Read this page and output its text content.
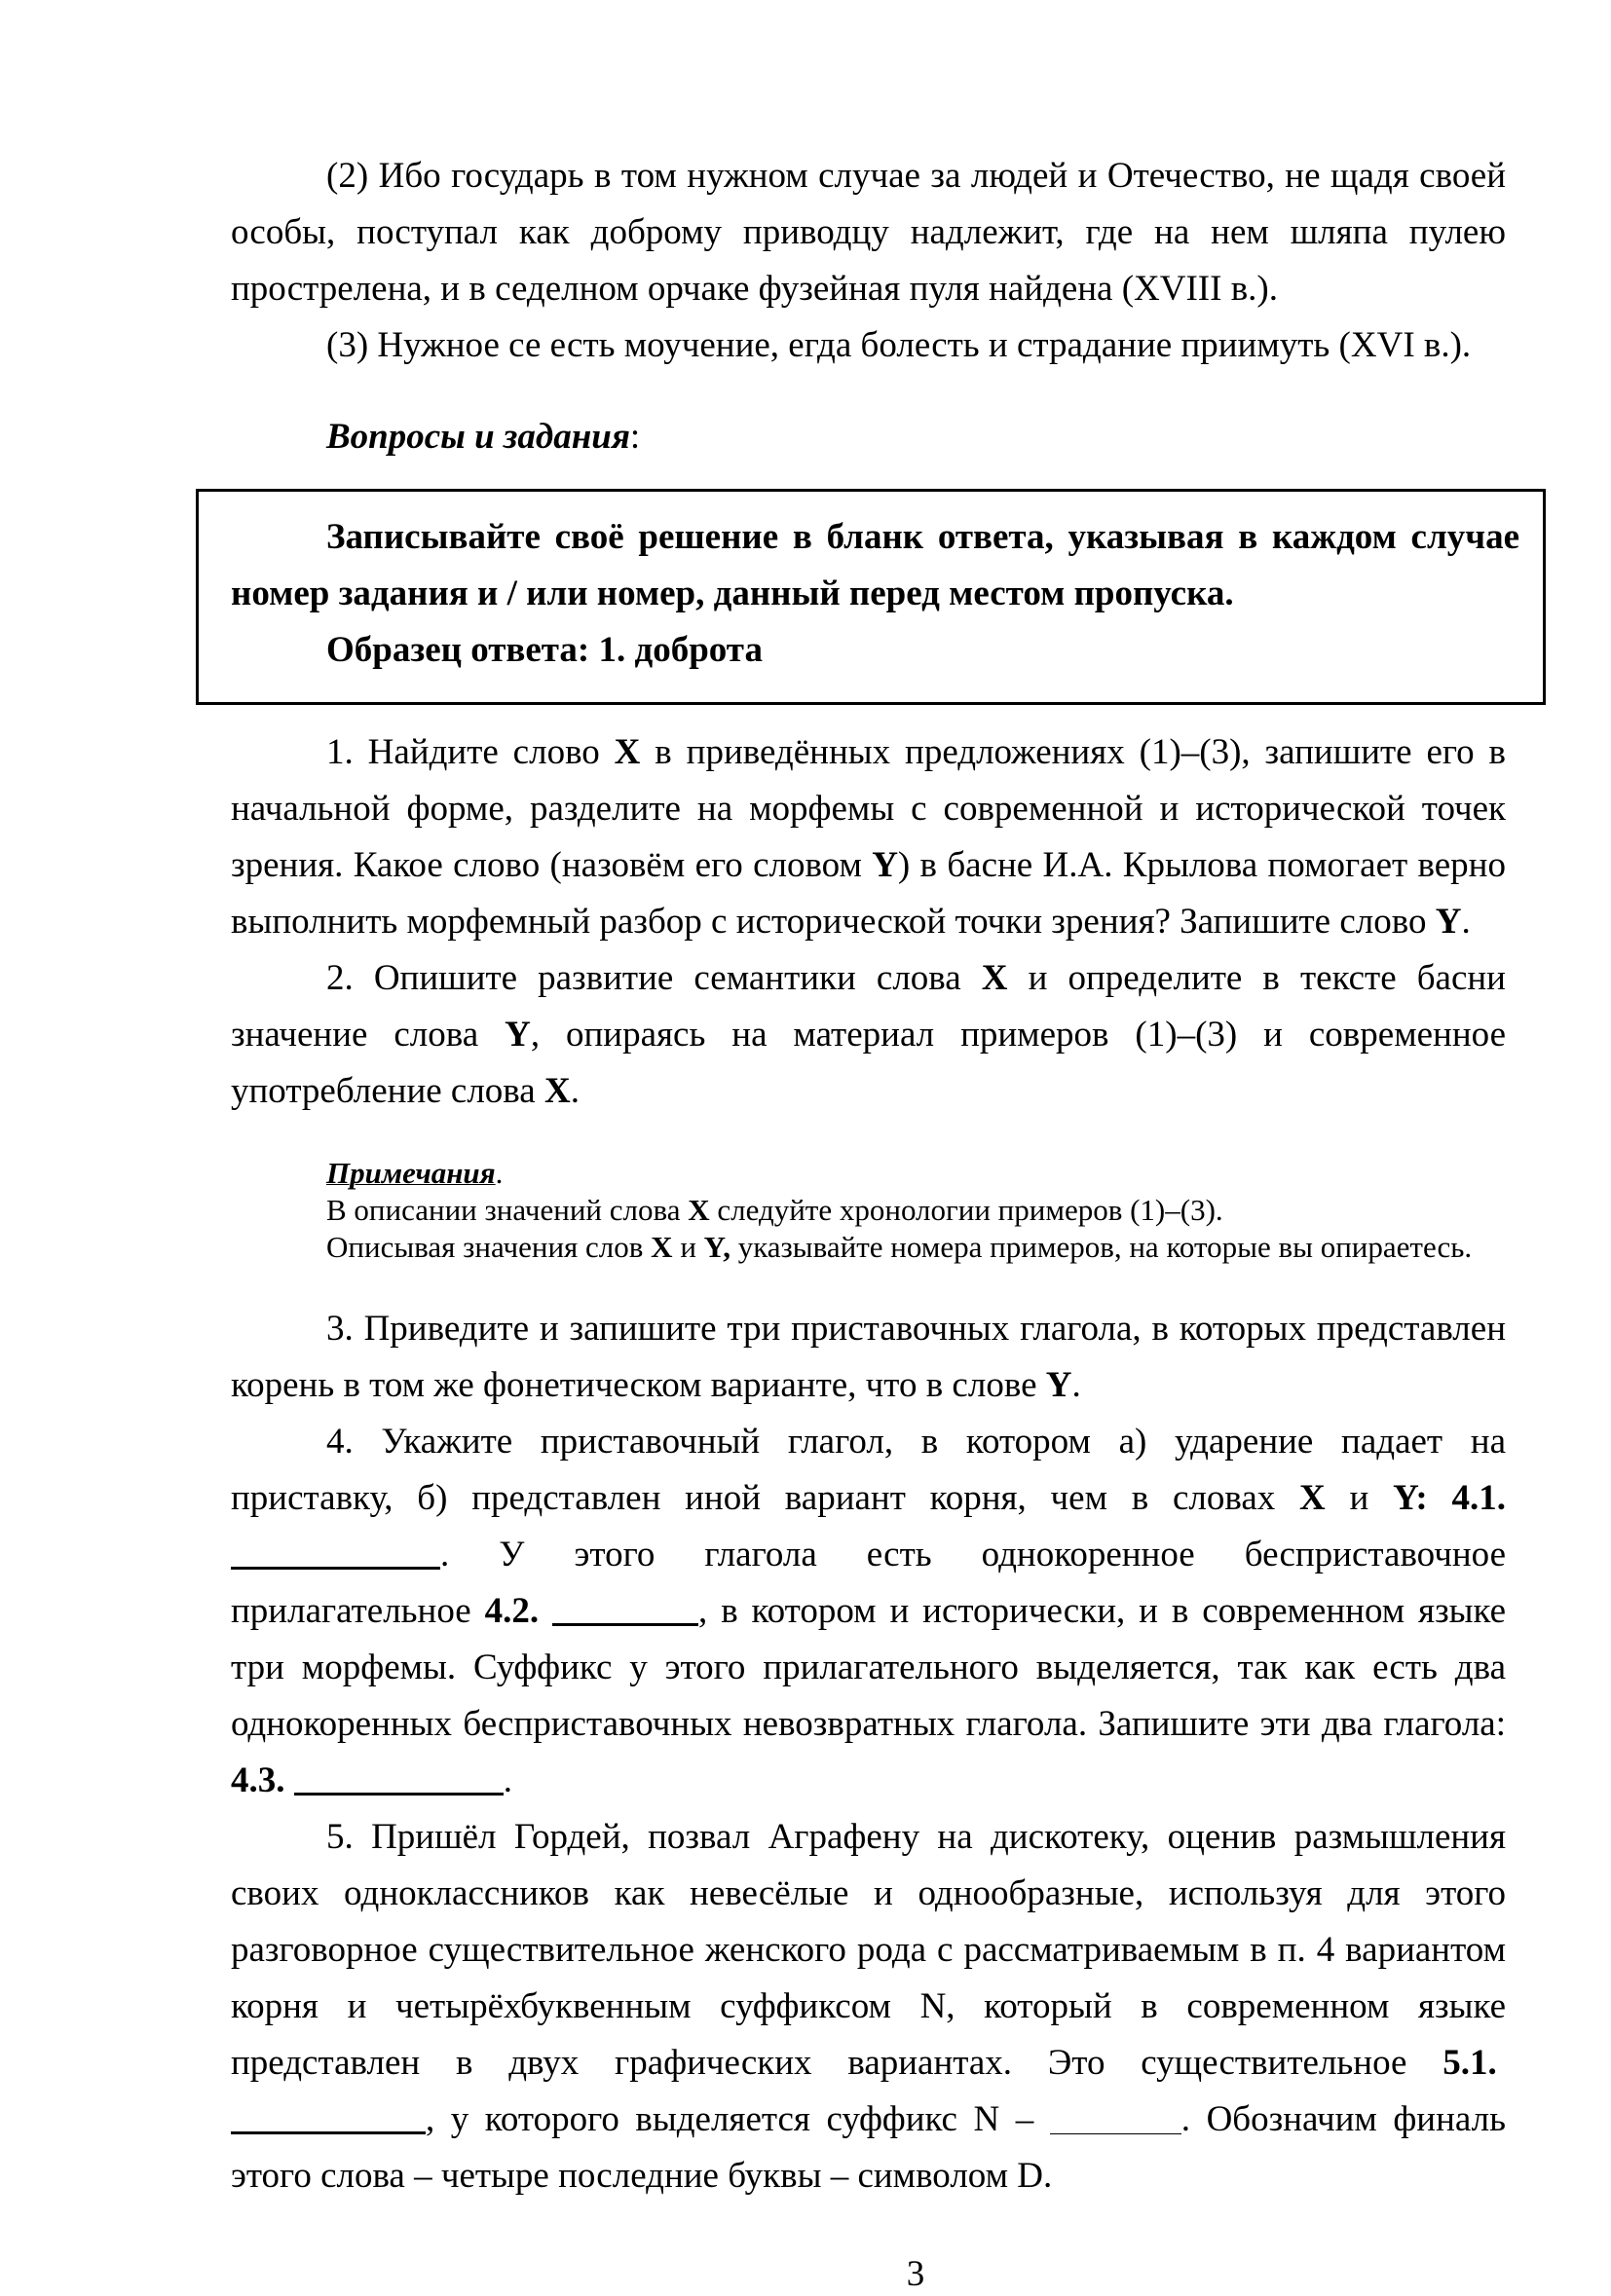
(2) Ибо государь в том нужном случае за людей и Отечество, не щадя своей особы, поступал как доброму приводцу надлежит, где на нем шляпа пулею прострелена, и в седелном орчаке фузейная пуля найдена (XVIII в.).

(3) Нужное се есть моучение, егда болесть и страдание приимуть (XVI в.).

Вопросы и задания:

Записывайте своё решение в бланк ответа, указывая в каждом случае номер задания и / или номер, данный перед местом пропуска.

Образец ответа: 1. доброта

1. Найдите слово X в приведённых предложениях (1)–(3), запишите его в начальной форме, разделите на морфемы с современной и исторической точек зрения. Какое слово (назовём его словом Y) в басне И.А. Крылова помогает верно выполнить морфемный разбор с исторической точки зрения? Запишите слово Y.

2. Опишите развитие семантики слова X и определите в тексте басни значение слова Y, опираясь на материал примеров (1)–(3) и современное употребление слова X.

Примечания.
В описании значений слова X следуйте хронологии примеров (1)–(3).
Описывая значения слов X и Y, указывайте номера примеров, на которые вы опираетесь.

3. Приведите и запишите три приставочных глагола, в которых представлен корень в том же фонетическом варианте, что в слове Y.

4. Укажите приставочный глагол, в котором а) ударение падает на приставку, б) представлен иной вариант корня, чем в словах X и Y: 4.1. . У этого глагола есть однокоренное бесприставочное прилагательное 4.2.	, в котором и исторически, и в современном языке три морфемы. Суффикс у этого прилагательного выделяется, так как есть два однокоренных бесприставочных невозвратных глагола. Запишите эти два глагола: 4.3.	.

5. Пришёл Гордей, позвал Аграфену на дискотеку, оценив размышления своих одноклассников как невесёлые и однообразные, используя для этого разговорное существительное женского рода с рассматриваемым в п. 4 вариантом корня и четырёхбуквенным суффиксом N, который в современном языке представлен в двух графических вариантах. Это существительное 5.1.  , у которого выделяется суффикс N –	. Обозначим финаль этого слова – четыре последние буквы – символом D.

3
